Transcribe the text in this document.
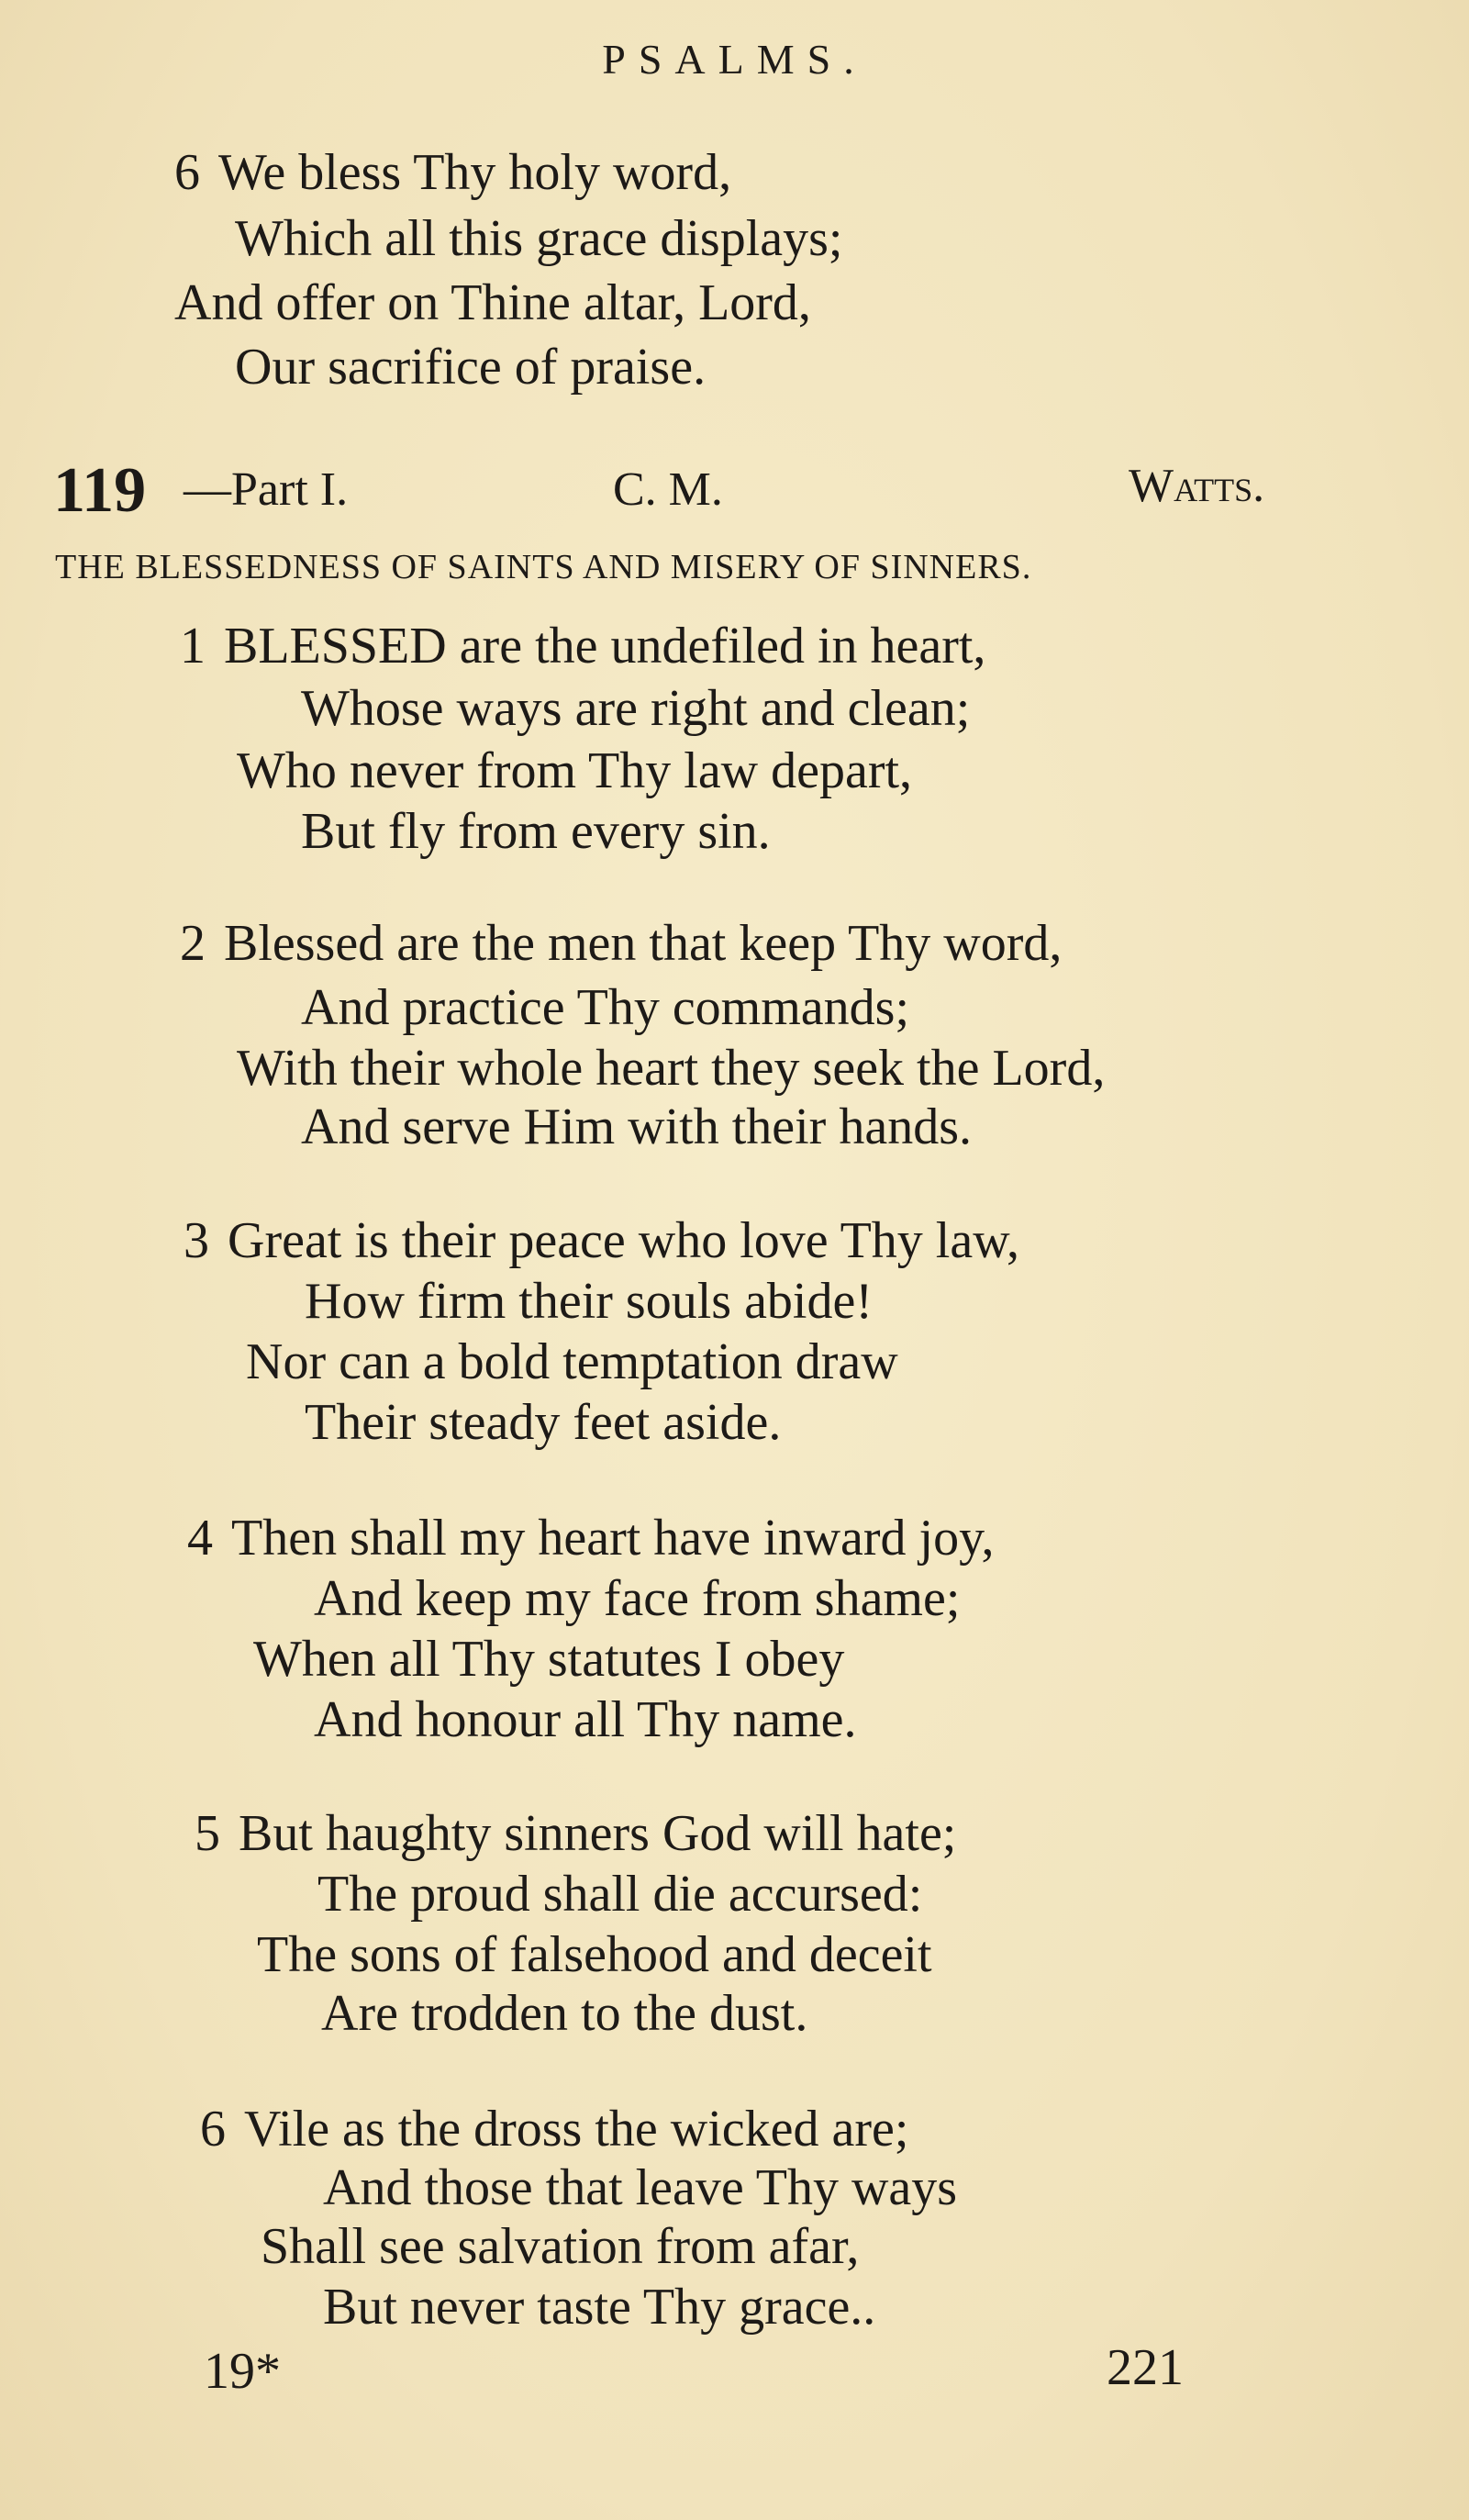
PSALMS.
6 We bless Thy holy word,
Which all this grace displays;
And offer on Thine altar, Lord,
Our sacrifice of praise.
119 —Part I.	C. M.	Watts.
THE BLESSEDNESS OF SAINTS AND MISERY OF SINNERS.
1 BLESSED are the undefiled in heart,
Whose ways are right and clean;
Who never from Thy law depart,
But fly from every sin.
2 Blessed are the men that keep Thy word,
And practice Thy commands;
With their whole heart they seek the Lord,
And serve Him with their hands.
3 Great is their peace who love Thy law,
How firm their souls abide!
Nor can a bold temptation draw
Their steady feet aside.
4 Then shall my heart have inward joy,
And keep my face from shame;
When all Thy statutes I obey
And honour all Thy name.
5 But haughty sinners God will hate;
The proud shall die accursed:
The sons of falsehood and deceit
Are trodden to the dust.
6 Vile as the dross the wicked are;
And those that leave Thy ways
Shall see salvation from afar,
But never taste Thy grace..
19*	221
